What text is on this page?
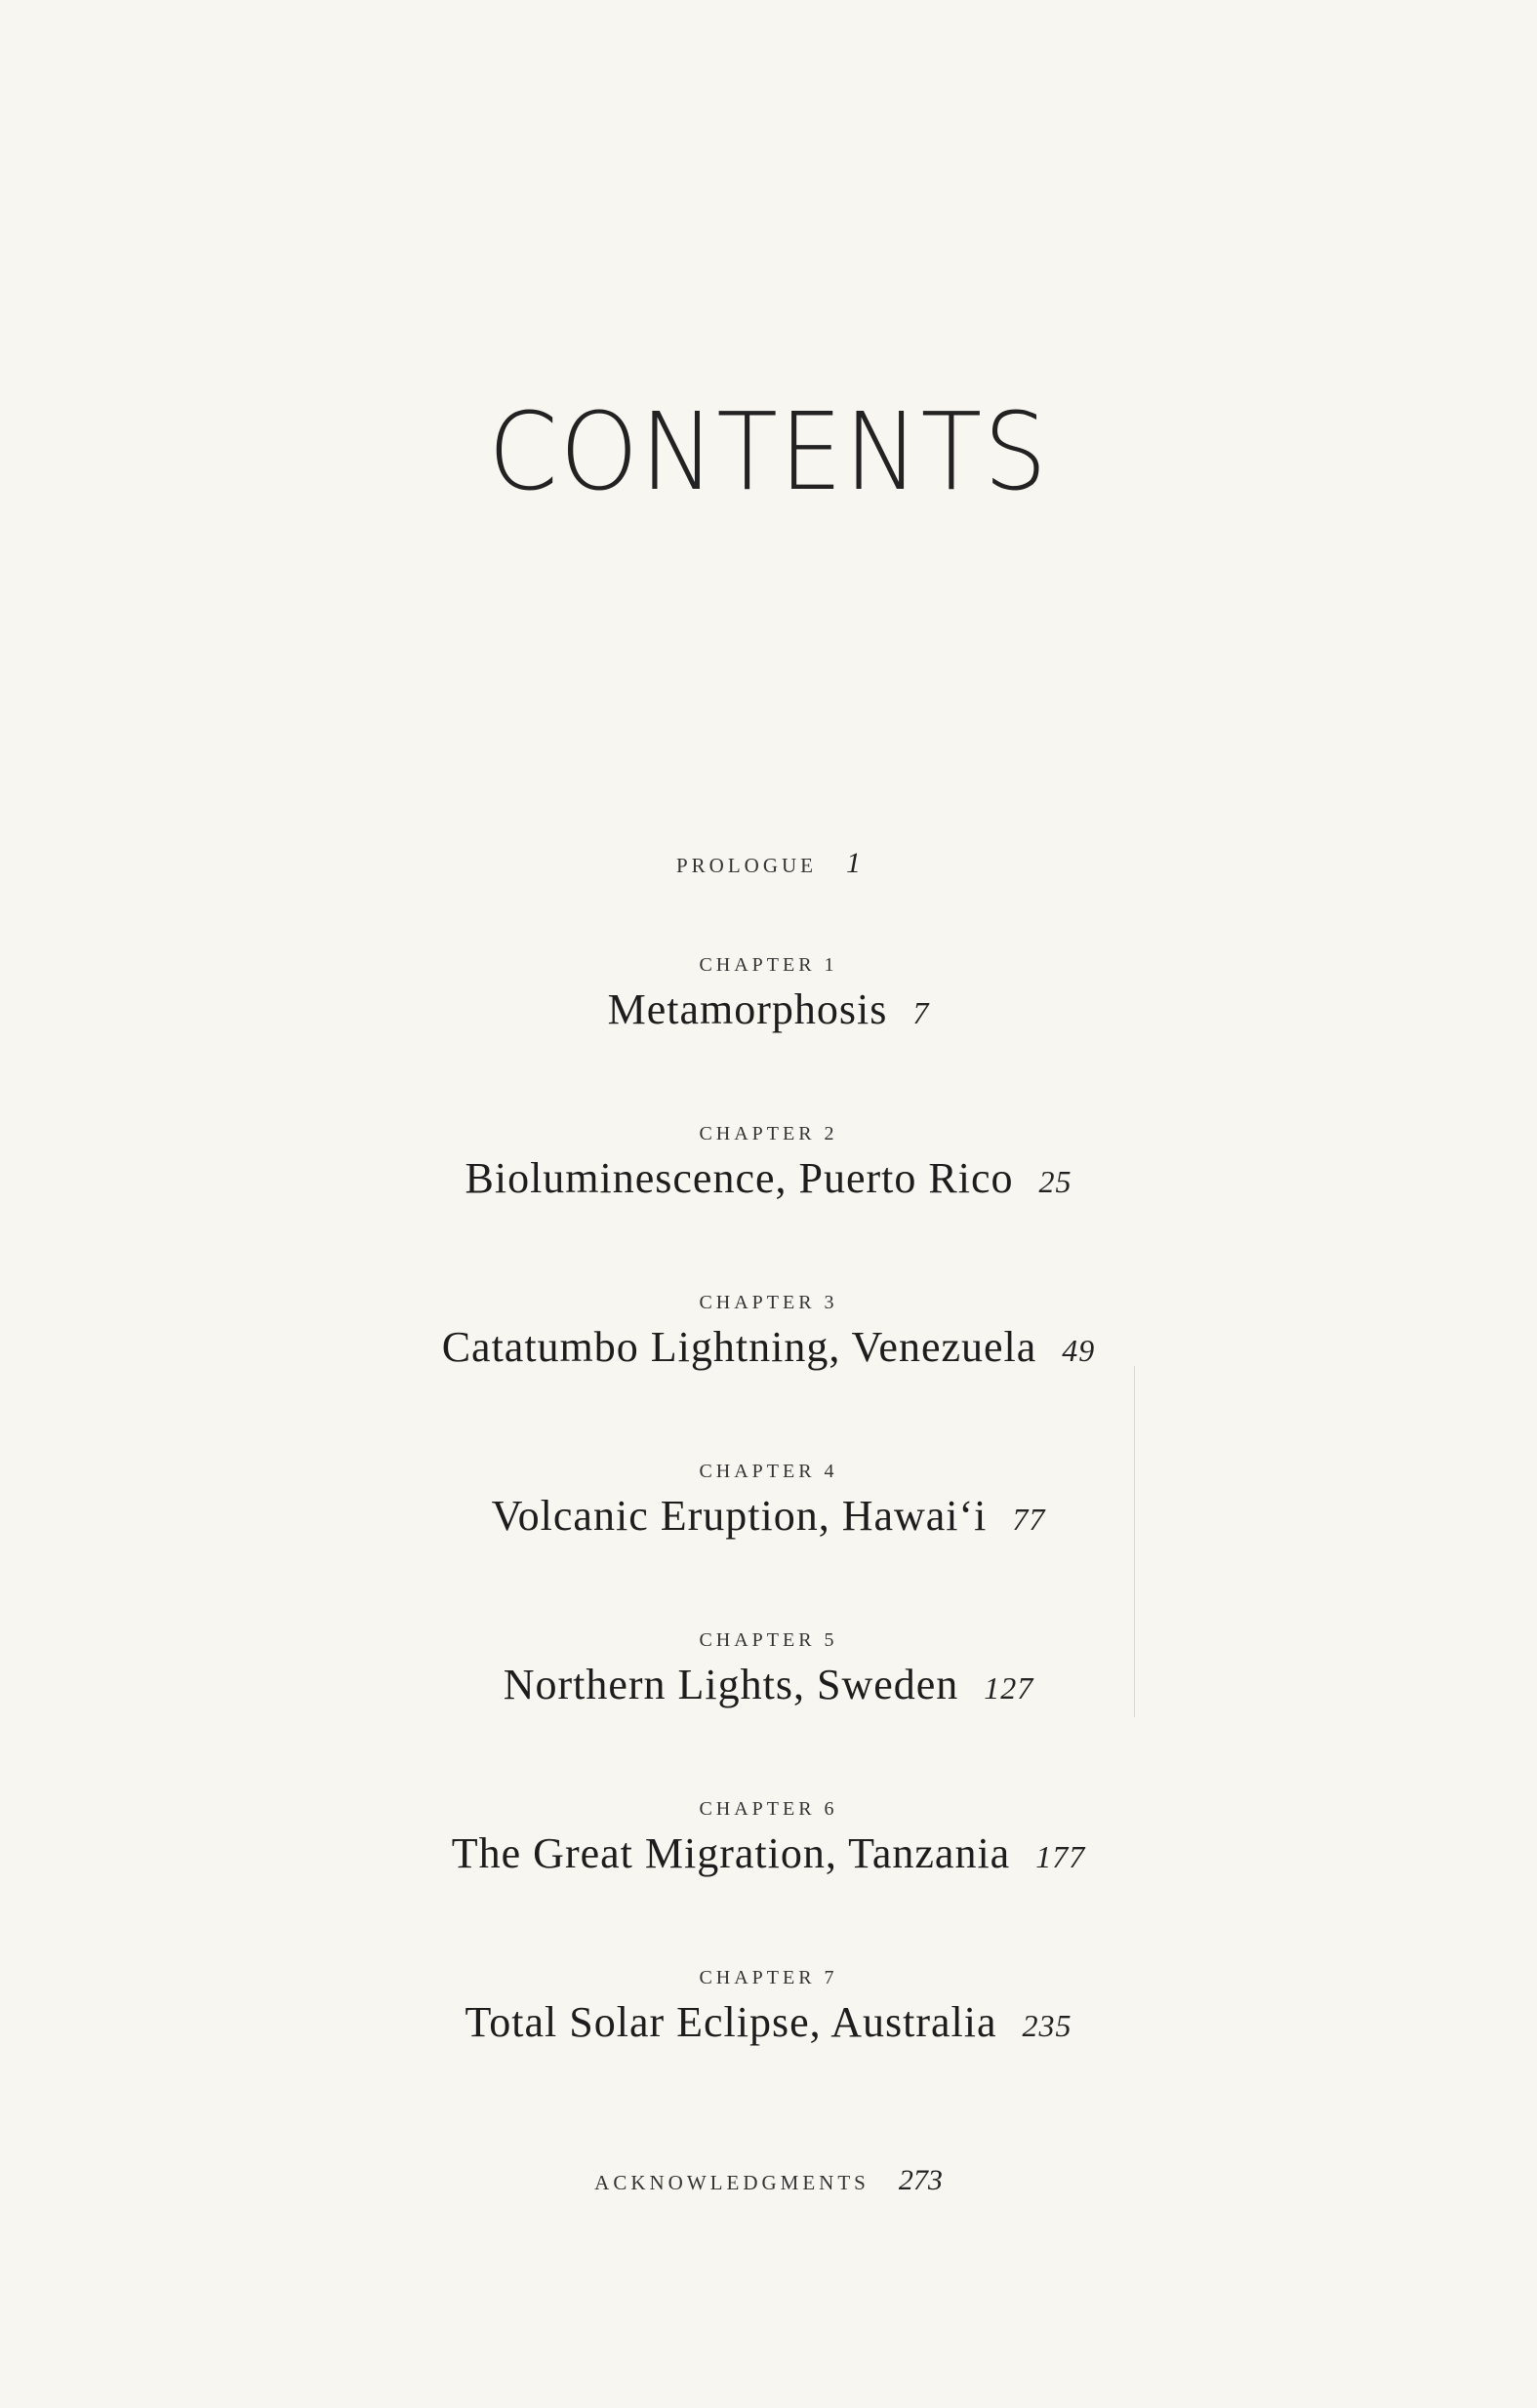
CONTENTS
PROLOGUE 1
CHAPTER 1
Metamorphosis 7
CHAPTER 2
Bioluminescence, Puerto Rico 25
CHAPTER 3
Catatumbo Lightning, Venezuela 49
CHAPTER 4
Volcanic Eruption, Hawai‘i 77
CHAPTER 5
Northern Lights, Sweden 127
CHAPTER 6
The Great Migration, Tanzania 177
CHAPTER 7
Total Solar Eclipse, Australia 235
ACKNOWLEDGMENTS 273
